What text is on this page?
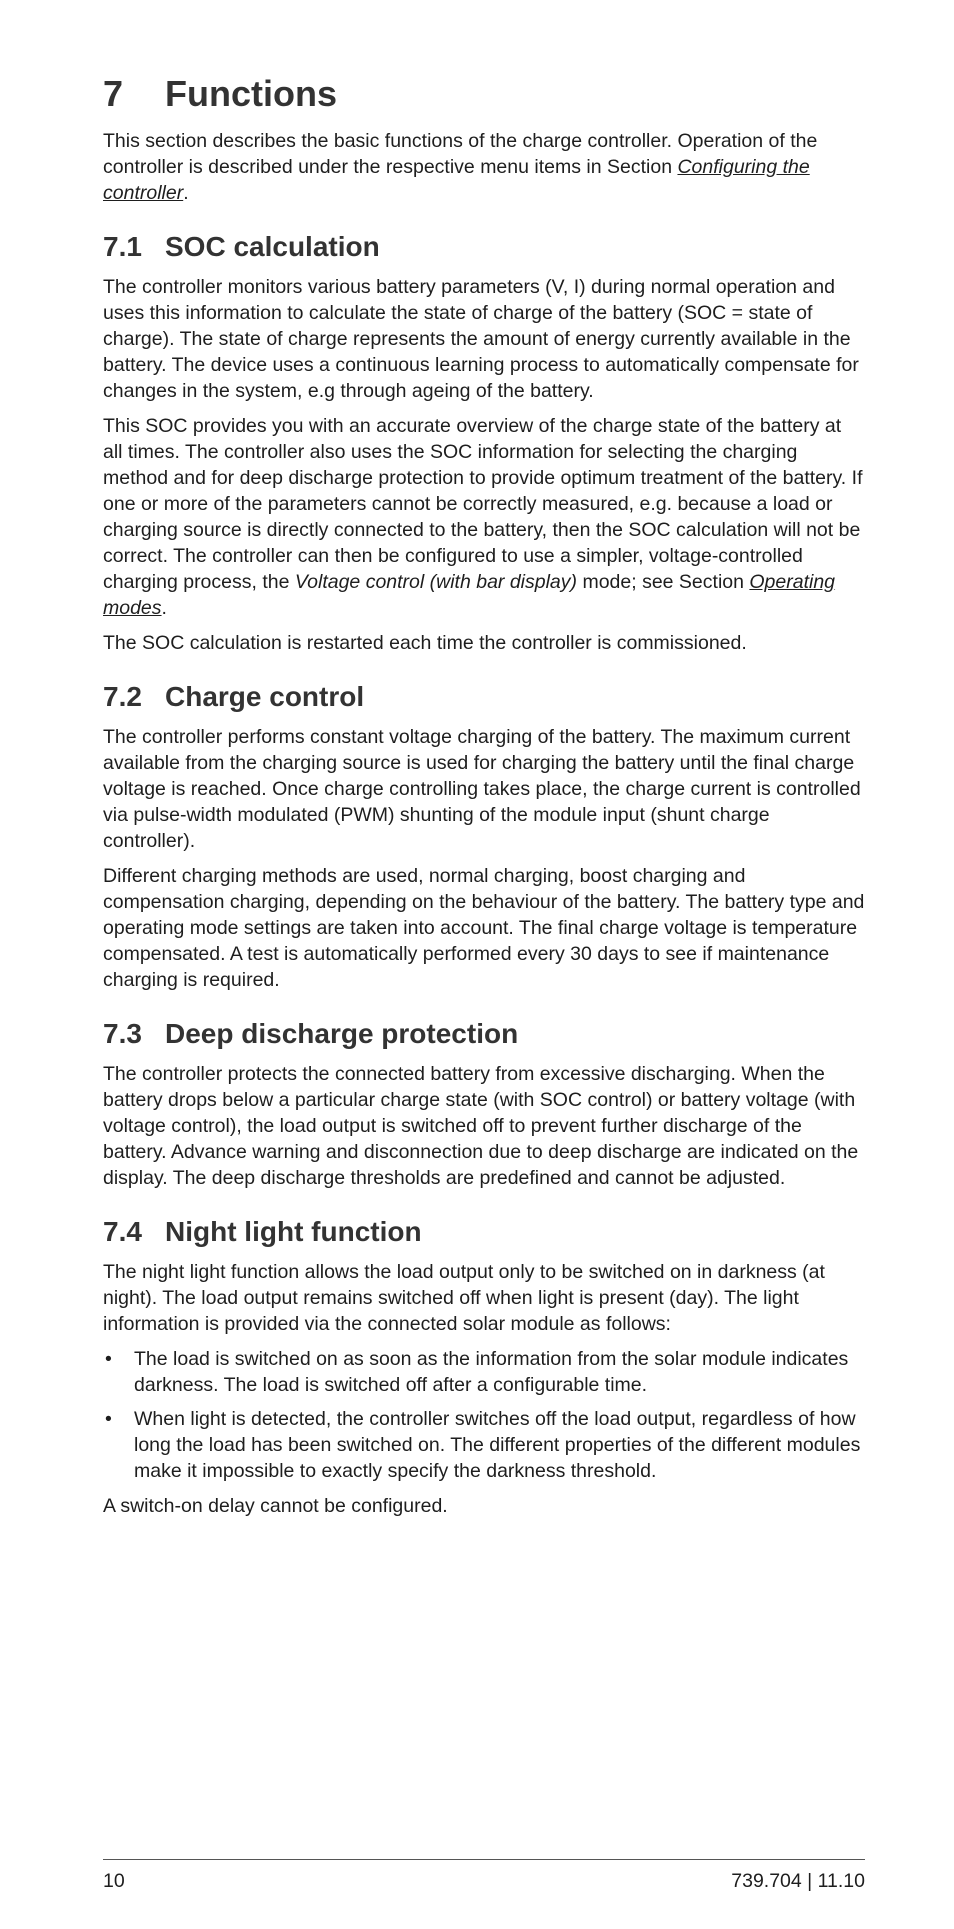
7 Functions

This section describes the basic functions of the charge controller. Operation of the controller is described under the respective menu items in Section Configuring the controller.

7.1 SOC calculation

The controller monitors various battery parameters (V, I) during normal operation and uses this information to calculate the state of charge of the battery (SOC = state of charge). The state of charge represents the amount of energy currently available in the battery. The device uses a continuous learning process to automatically compensate for changes in the system, e.g through ageing of the battery.

This SOC provides you with an accurate overview of the charge state of the battery at all times. The controller also uses the SOC information for selecting the charging method and for deep discharge protection to provide optimum treatment of the battery. If one or more of the parameters cannot be correctly measured, e.g. because a load or charging source is directly connected to the battery, then the SOC calculation will not be correct. The controller can then be configured to use a simpler, voltage-controlled charging process, the Voltage control (with bar display) mode; see Section Operating modes.

The SOC calculation is restarted each time the controller is commissioned.

7.2 Charge control

The controller performs constant voltage charging of the battery. The maximum current available from the charging source is used for charging the battery until the final charge voltage is reached. Once charge controlling takes place, the charge current is controlled via pulse-width modulated (PWM) shunting of the module input (shunt charge controller).

Different charging methods are used, normal charging, boost charging and compensation charging, depending on the behaviour of the battery. The battery type and operating mode settings are taken into account. The final charge voltage is temperature compensated. A test is automatically performed every 30 days to see if maintenance charging is required.

7.3 Deep discharge protection

The controller protects the connected battery from excessive discharging. When the battery drops below a particular charge state (with SOC control) or battery voltage (with voltage control), the load output is switched off to prevent further discharge of the battery. Advance warning and disconnection due to deep discharge are indicated on the display. The deep discharge thresholds are predefined and cannot be adjusted.

7.4 Night light function

The night light function allows the load output only to be switched on in darkness (at night). The load output remains switched off when light is present (day). The light information is provided via the connected solar module as follows:

• The load is switched on as soon as the information from the solar module indicates darkness. The load is switched off after a configurable time.
• When light is detected, the controller switches off the load output, regardless of how long the load has been switched on. The different properties of the different modules make it impossible to exactly specify the darkness threshold.

A switch-on delay cannot be configured.

10	739.704 | 11.10
